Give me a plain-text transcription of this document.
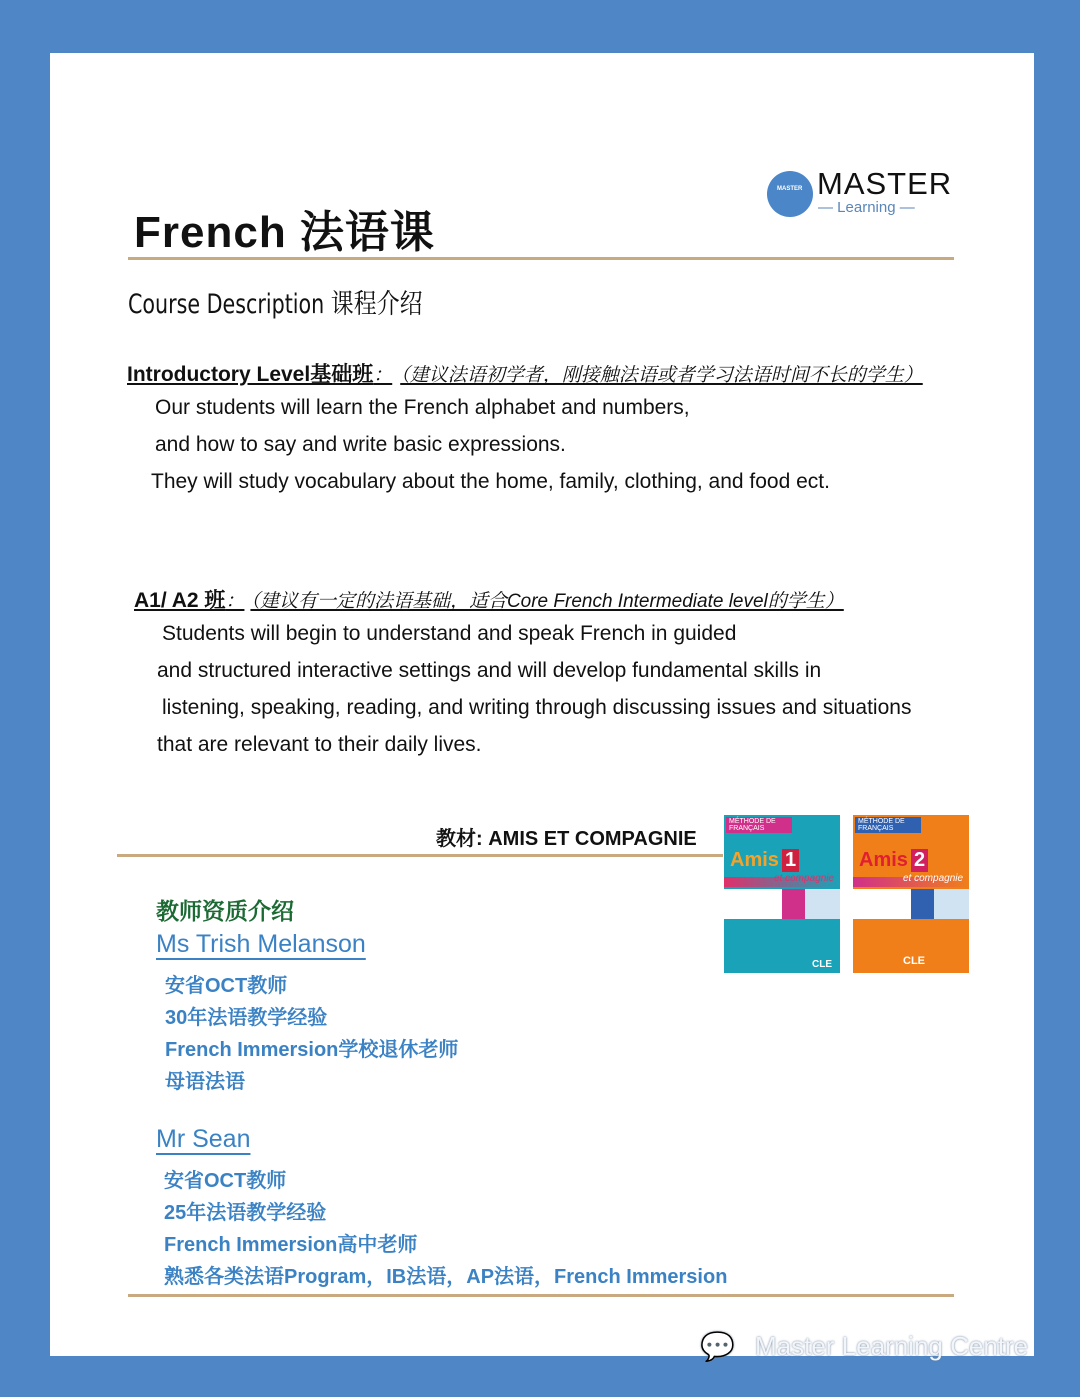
MASTER MASTER
— Learning —
French 法语课
Course Description 课程介绍
Introductory Level基础班： （建议法语初学者，刚接触法语或者学习法语时间不长的学生）
Our students will learn the French alphabet and numbers,
and how to say and write basic expressions.
They will study vocabulary about the home, family, clothing, and food ect.
A1/ A2 班： （建议有一定的法语基础，适合Core French Intermediate level的学生）
Students will begin to understand and speak French in guided
and structured interactive settings and will develop fundamental skills in
listening, speaking, reading, and writing through discussing issues and situations
that are relevant to their daily lives.
教材: AMIS ET COMPAGNIE
MÉTHODE DE FRANÇAIS
Amis 1
et compagnie
CLE
MÉTHODE DE FRANÇAIS
Amis 2
et compagnie
CLE
教师资质介绍
Ms Trish Melanson
安省OCT教师
30年法语教学经验
French Immersion学校退休老师
母语法语
Mr Sean
安省OCT教师
25年法语教学经验
French Immersion高中老师
熟悉各类法语Program，IB法语，AP法语，French Immersion
💬 Master Learning Centre
